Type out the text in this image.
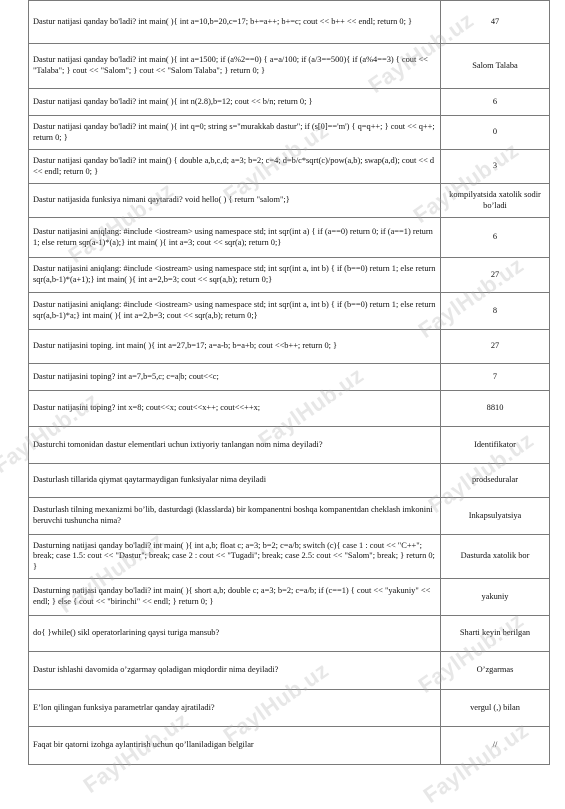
Dastur natijasi qanday bo'ladi? int main( ){ int a=10,b=20,c=17; b+=a++; b+=c; cout << b++ << endl; return 0; }	47
Dastur natijasi qanday bo'ladi? int main( ){ int a=1500; if (a%2==0) { a=a/100; if (a/3==500){ if (a%4==3) { cout << "Talaba"; } cout << "Salom"; } cout << "Salom Talaba"; } return 0; }	Salom Talaba
Dastur natijasi qanday bo'ladi? int main( ){ int n(2.8),b=12; cout << b/n; return 0; }	6
Dastur natijasi qanday bo'ladi? int main( ){ int q=0; string s="murakkab dastur"; if (s[0]=='m') { q=q++; } cout << q++; return 0; }	0
Dastur natijasi qanday bo'ladi? int main() { double a,b,c,d; a=3; b=2; c=4; d=b/c*sqrt(c)/pow(a,b); swap(a,d); cout << d << endl; return 0; }	3
Dastur natijasida funksiya nimani qaytaradi? void hello( ) { return "salom";}	kompilyatsida xatolik sodir bo’ladi
Dastur natijasini aniqlang: #include <iostream> using namespace std; int sqr(int a) { if (a==0) return 0; if (a==1) return 1; else return sqr(a-1)*(a);} int main( ){ int a=3; cout << sqr(a); return 0;}	6
Dastur natijasini aniqlang: #include <iostream> using namespace std; int sqr(int a, int b) { if (b==0) return 1; else return sqr(a,b-1)*(a+1);} int main( ){ int a=2,b=3; cout << sqr(a,b); return 0;}	27
Dastur natijasini aniqlang: #include <iostream> using namespace std; int sqr(int a, int b) { if (b==0) return 1; else return sqr(a,b-1)*a;} int main( ){ int a=2,b=3; cout << sqr(a,b); return 0;}	8
Dastur natijasini toping. int main( ){ int a=27,b=17; a=a-b; b=a+b; cout <<b++; return 0; }	27
Dastur natijasini toping? int a=7,b=5,c; c=a|b; cout<<c;	7
Dastur natijasini toping? int x=8; cout<<x; cout<<x++; cout<<++x;	8810
Dasturchi tomonidan dastur elementlari uchun ixtiyoriy tanlangan nom nima deyiladi?	Identifikator
Dasturlash tillarida qiymat qaytarmaydigan funksiyalar nima deyiladi	prodseduralar
Dasturlash tilning mexanizmi bo’lib, dasturdagi (klasslarda) bir kompanentni boshqa kompanentdan cheklash imkonini beruvchi tushuncha nima?	Inkapsulyatsiya
Dasturning natijasi qanday bo'ladi? int main( ){ int a,b; float c; a=3; b=2; c=a/b; switch (c){ case 1 : cout << "C++"; break; case 1.5: cout << "Dastur"; break; case 2 : cout << "Tugadi"; break; case 2.5: cout << "Salom"; break; } return 0; }	Dasturda xatolik bor
Dasturning natijasi qanday bo'ladi? int main( ){ short a,b; double c; a=3; b=2; c=a/b; if (c==1) { cout << "yakuniy" << endl; } else { cout << "birinchi" << endl; } return 0; }	yakuniy
do{ }while() sikl operatorlarining qaysi turiga mansub?	Sharti keyin berilgan
Dastur ishlashi davomida o’zgarmay qoladigan miqdordir nima deyiladi?	O’zgarmas
E’lon qilingan funksiya parametrlar qanday ajratiladi?	vergul (,) bilan
Faqat bir qatorni izohga aylantirish uchun qo’llaniladigan belgilar	//
FaylHub.uz
FaylHub.uz
FaylHub.uz
FaylHub.uz
FaylHub.uz
FaylHub.uz
FaylHub.uz
FaylHub.uz
FaylHub.uz
FaylHub.uz
FaylHub.uz
FaylHub.uz
FaylHub.uz
